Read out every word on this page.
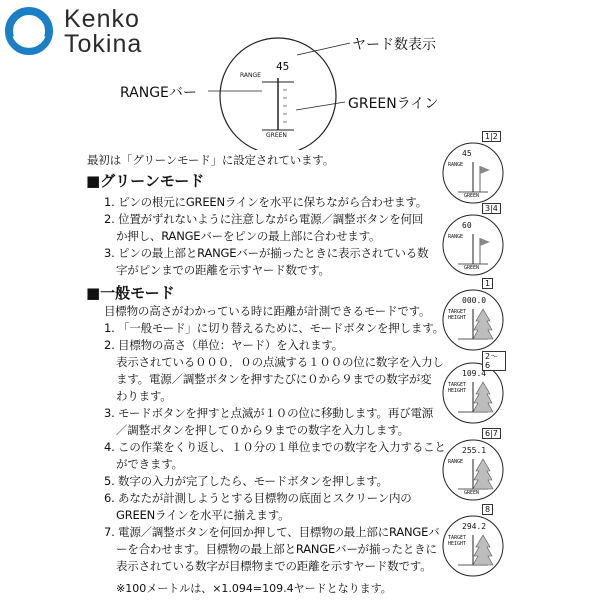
Kenko
Tokina
45
RANGE
GREEN
ヤード数表示
RANGEバー
GREENライン
最初は「グリーンモード」に設定されています。
■グリーンモード
1. ピンの根元にGREENラインを水平に保ちながら合わせます。
2. 位置がずれないように注意しながら電源／調整ボタンを何回
か押し、RANGEバーをピンの最上部に合わせます。
3. ピンの最上部とRANGEバーが揃ったときに表示されている数
字がピンまでの距離を示すヤード数です。
■一般モード
目標物の高さがわかっている時に距離が計測できるモードです。
1. 「一般モード」に切り替えるために、モードボタンを押します。
2. 目標物の高さ（単位：ヤード）を入れます。
表示されている０００．０の点滅する１００の位に数字を入力し
ます。電源／調整ボタンを押すたびに０から９までの数字が変
わります。
3. モードボタンを押すと点滅が１０の位に移動します。再び電源
／調整ボタンを押して０から９までの数字を入力します。
4. この作業をくり返し、１０分の１単位までの数字を入力すること
ができます。
5. 数字の入力が完了したら、モードボタンを押します。
6. あなたが計測しようとする目標物の底面とスクリーン内の
GREENラインを水平に揃えます。
7. 電源／調整ボタンを何回か押して、目標物の最上部にRANGEバ
ーを合わせます。目標物の最上部とRANGEバーが揃ったときに
表示されている数字が目標物までの距離を示すヤード数です。
※100メートルは、×1.094=109.4ヤードとなります。
1|2
45
RANGE
GREEN
3|4
60
RANGE
GREEN
1
000.0
TARGET
HEIGHT
2〜6
109.4
TARGET
HEIGHT
6|7
255.1
RANGE
GREEN
8
294.2
TARGET
HEIGHT
